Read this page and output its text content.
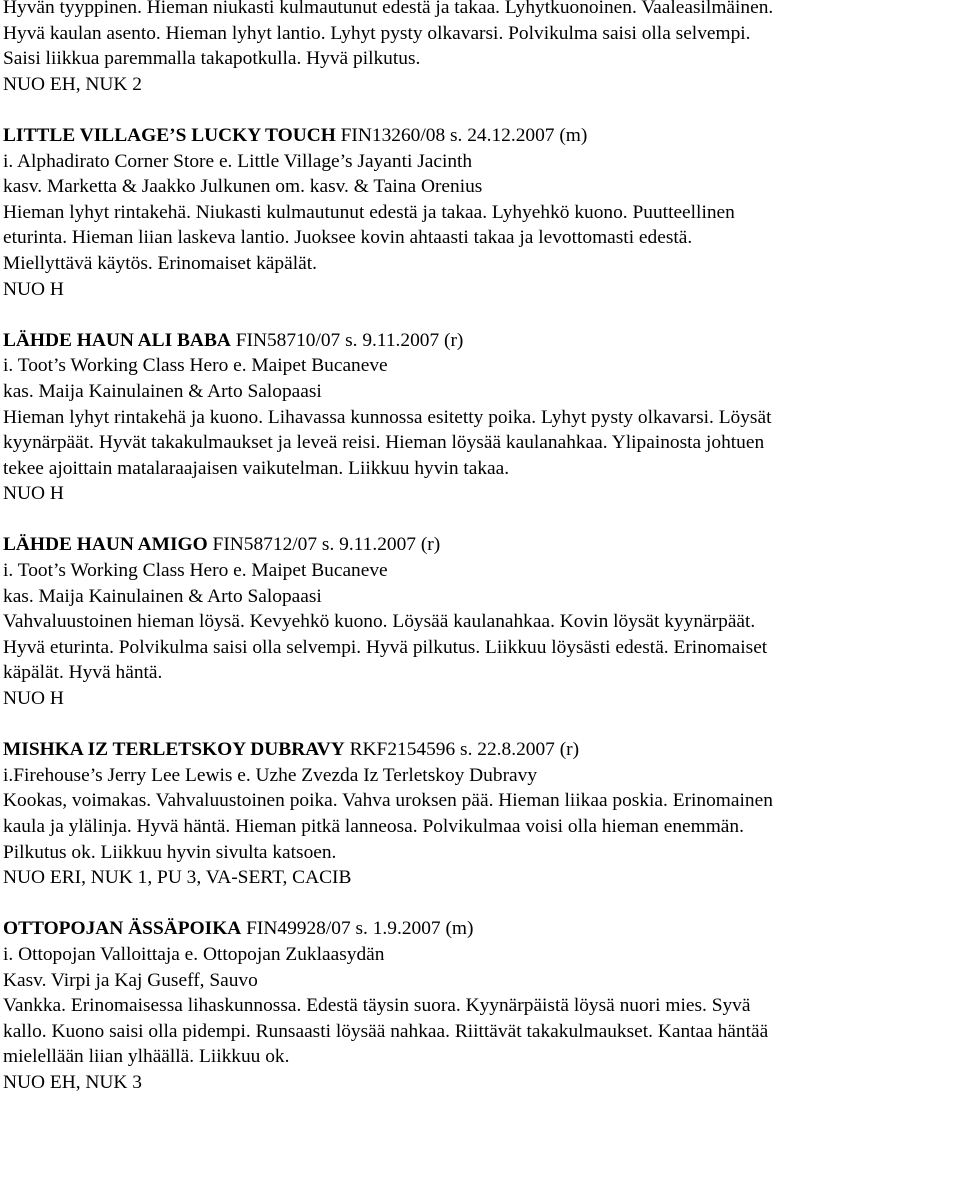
Hyvän tyyppinen. Hieman niukasti kulmautunut edestä ja takaa. Lyhytkuonoinen. Vaaleasilmäinen.
Hyvä kaulan asento. Hieman lyhyt lantio. Lyhyt pysty olkavarsi. Polvikulma saisi olla selvempi.
Saisi liikkua paremmalla takapotkulla. Hyvä pilkutus.
NUO EH, NUK 2
LITTLE VILLAGE’S LUCKY TOUCH FIN13260/08 s. 24.12.2007 (m)
i. Alphadirato Corner Store e. Little Village’s Jayanti Jacinth
kasv. Marketta & Jaakko Julkunen om. kasv. & Taina Orenius
Hieman lyhyt rintakehä. Niukasti kulmautunut edestä ja takaa. Lyhyehkö kuono. Puutteellinen
eturinta. Hieman liian laskeva lantio. Juoksee kovin ahtaasti takaa ja levottomasti edestä.
Miellyttävä käytös. Erinomaiset käpälät.
NUO H
LÄHDE HAUN ALI BABA FIN58710/07 s. 9.11.2007 (r)
i. Toot’s Working Class Hero e. Maipet Bucaneve
kas. Maija Kainulainen & Arto Salopaasi
Hieman lyhyt rintakehä ja kuono. Lihavassa kunnossa esitetty poika. Lyhyt pysty olkavarsi. Löysät
kyynärpäät. Hyvät takakulmaukset ja leveä reisi. Hieman löysää kaulanahkaa. Ylipainosta johtuen
tekee ajoittain matalaraajaisen vaikutelman. Liikkuu hyvin takaa.
NUO H
LÄHDE HAUN AMIGO FIN58712/07 s. 9.11.2007 (r)
i. Toot’s Working Class Hero e. Maipet Bucaneve
kas. Maija Kainulainen & Arto Salopaasi
Vahvaluustoinen hieman löysä. Kevyehkö kuono. Löysää kaulanahkaa. Kovin löysät kyynärpäät.
Hyvä eturinta. Polvikulma saisi olla selvempi. Hyvä pilkutus. Liikkuu löysästi edestä. Erinomaiset
käpälät. Hyvä häntä.
NUO H
MISHKA IZ TERLETSKOY DUBRAVY RKF2154596 s. 22.8.2007 (r)
i.Firehouse’s Jerry Lee Lewis e. Uzhe Zvezda Iz Terletskoy Dubravy
Kookas, voimakas. Vahvaluustoinen poika. Vahva uroksen pää. Hieman liikaa poskia. Erinomainen
kaula ja ylälinja. Hyvä häntä. Hieman pitkä lanneosa. Polvikulmaa voisi olla hieman enemmän.
Pilkutus ok. Liikkuu hyvin sivulta katsoen.
NUO ERI, NUK 1, PU 3, VA-SERT, CACIB
OTTOPOJAN ÄSSÄPOIKA FIN49928/07 s. 1.9.2007 (m)
i. Ottopojan Valloittaja e. Ottopojan Zuklaasydän
Kasv. Virpi ja Kaj Guseff, Sauvo
Vankka. Erinomaisessa lihaskunnossa. Edestä täysin suora. Kyynärpäistä löysä nuori mies. Syvä
kallo. Kuono saisi olla pidempi. Runsaasti löysää nahkaa. Riittävät takakulmaukset. Kantaa häntää
mielellään liian ylhäällä. Liikkuu ok.
NUO EH, NUK 3
